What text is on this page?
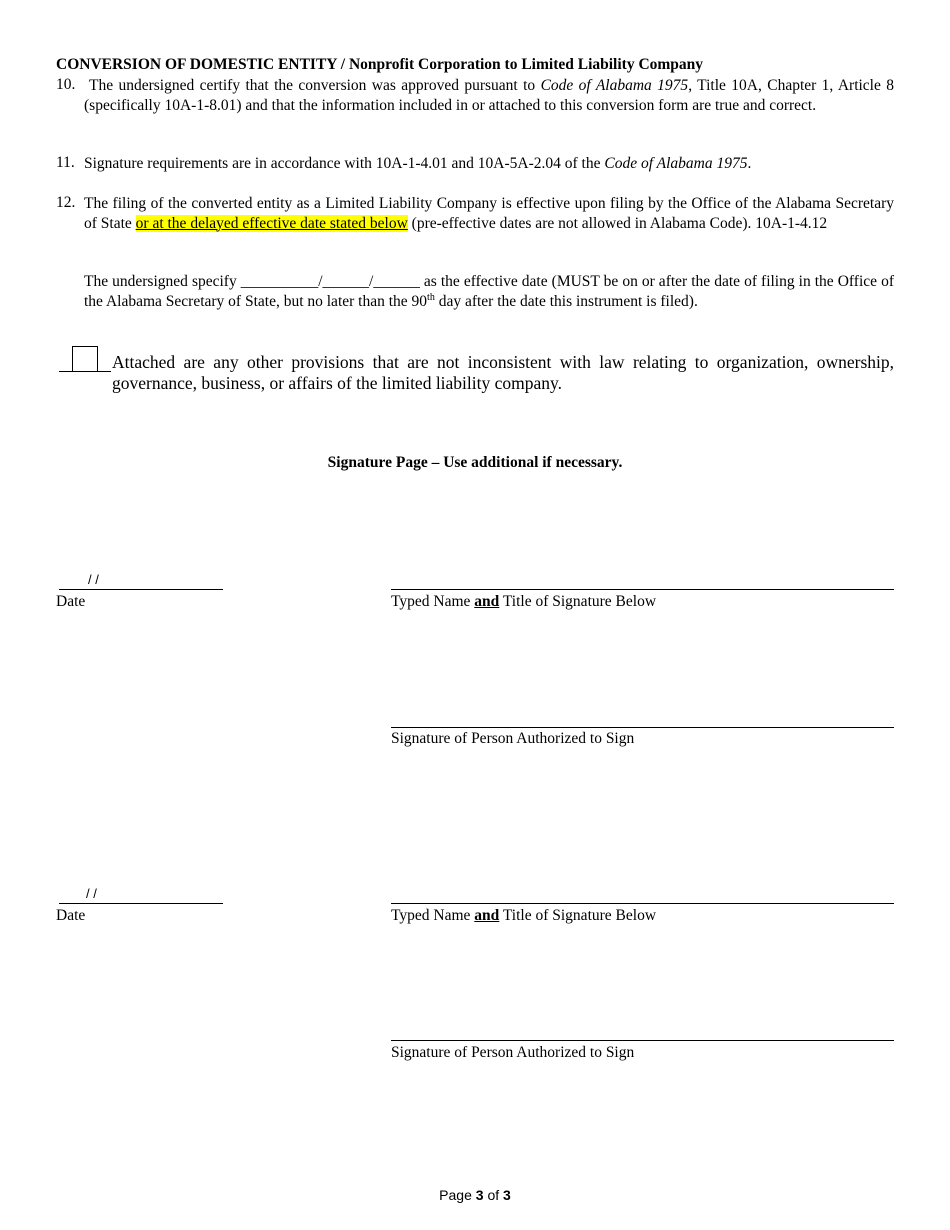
CONVERSION OF DOMESTIC ENTITY / Nonprofit Corporation to Limited Liability Company
10. The undersigned certify that the conversion was approved pursuant to Code of Alabama 1975, Title 10A, Chapter 1, Article 8 (specifically 10A-1-8.01) and that the information included in or attached to this conversion form are true and correct.
11. Signature requirements are in accordance with 10A-1-4.01 and 10A-5A-2.04 of the Code of Alabama 1975.
12. The filing of the converted entity as a Limited Liability Company is effective upon filing by the Office of the Alabama Secretary of State or at the delayed effective date stated below (pre-effective dates are not allowed in Alabama Code). 10A-1-4.12
The undersigned specify __________/______/______ as the effective date (MUST be on or after the date of filing in the Office of the Alabama Secretary of State, but no later than the 90th day after the date this instrument is filed).
Attached are any other provisions that are not inconsistent with law relating to organization, ownership, governance, business, or affairs of the limited liability company.
Signature Page – Use additional if necessary.
/ /
Date	Typed Name and Title of Signature Below
Signature of Person Authorized to Sign
/ /
Date	Typed Name and Title of Signature Below
Signature of Person Authorized to Sign
Page 3 of 3
